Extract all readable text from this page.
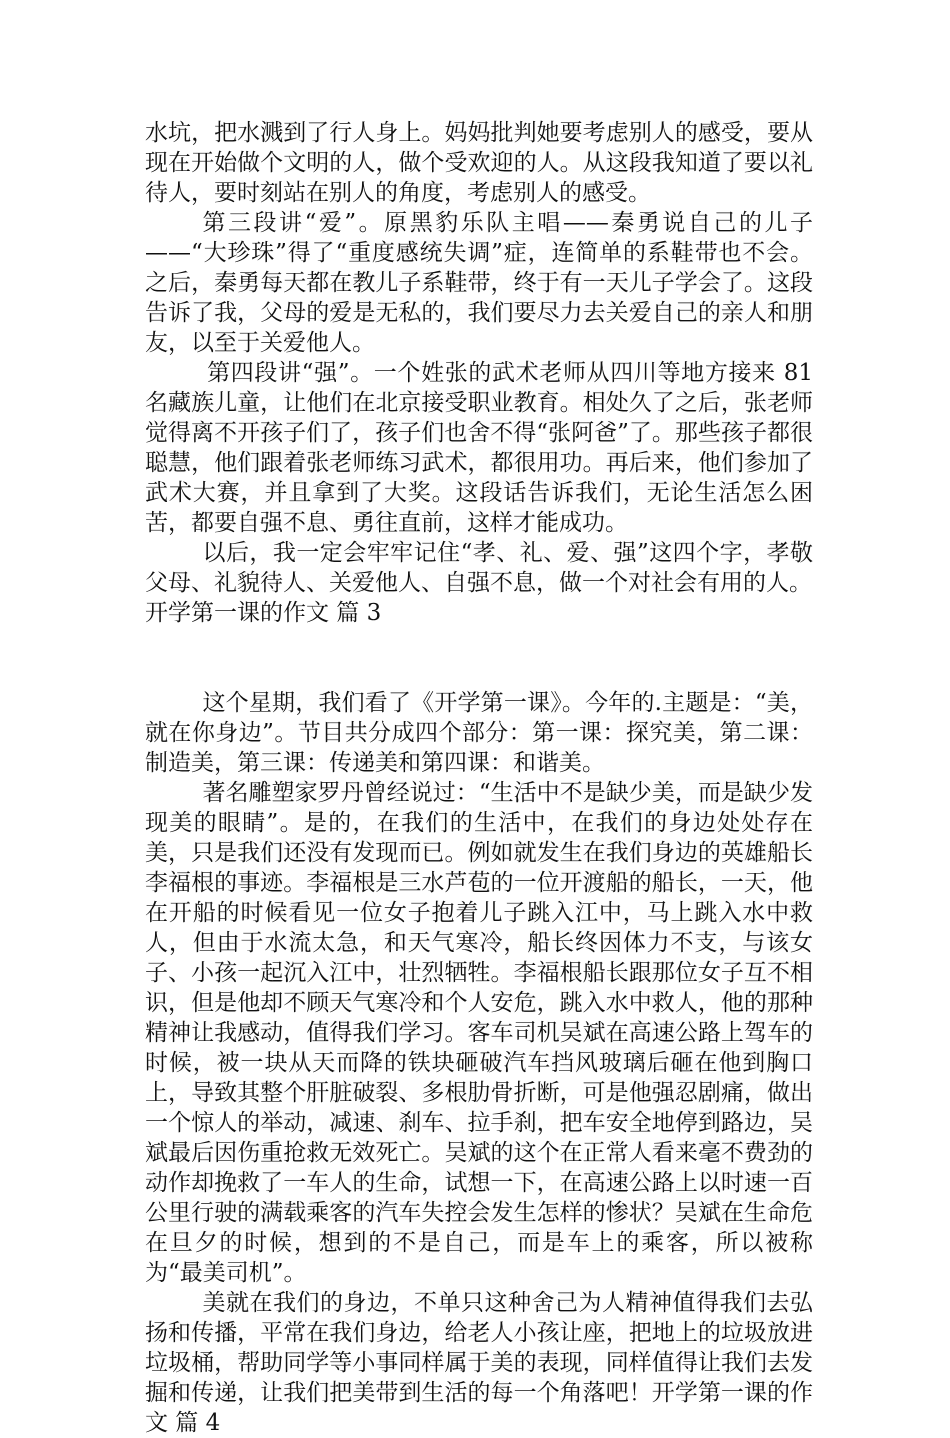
水坑，把水溅到了行人身上。妈妈批判她要考虑别人的感受，要从现在开始做个文明的人，做个受欢迎的人。从这段我知道了要以礼待人，要时刻站在别人的角度，考虑别人的感受。

第三段讲“爱”。原黑豹乐队主唱——秦勇说自己的儿子——“大珍珠”得了“重度感统失调”症，连简单的系鞋带也不会。之后，秦勇每天都在教儿子系鞋带，终于有一天儿子学会了。这段告诉了我，父母的爱是无私的，我们要尽力去关爱自己的亲人和朋友，以至于关爱他人。

第四段讲“强”。一个姓张的武术老师从四川等地方接来 81 名藏族儿童，让他们在北京接受职业教育。相处久了之后，张老师觉得离不开孩子们了，孩子们也舍不得“张阿爸”了。那些孩子都很聪慧，他们跟着张老师练习武术，都很用功。再后来，他们参加了武术大赛，并且拿到了大奖。这段话告诉我们，无论生活怎么困苦，都要自强不息、勇往直前，这样才能成功。

以后，我一定会牢牢记住“孝、礼、爱、强”这四个字，孝敬父母、礼貌待人、关爱他人、自强不息，做一个对社会有用的人。

开学第一课的作文 篇 3

这个星期，我们看了《开学第一课》。今年的.主题是：“美，就在你身边”。节目共分成四个部分：第一课：探究美，第二课：制造美，第三课：传递美和第四课：和谐美。

著名雕塑家罗丹曾经说过：“生活中不是缺少美，而是缺少发现美的眼睛”。是的，在我们的生活中，在我们的身边处处存在美，只是我们还没有发现而已。例如就发生在我们身边的英雄船长李福根的事迹。李福根是三水芦苞的一位开渡船的船长，一天，他在开船的时候看见一位女子抱着儿子跳入江中，马上跳入水中救人，但由于水流太急，和天气寒冷，船长终因体力不支，与该女子、小孩一起沉入江中，壮烈牺牲。李福根船长跟那位女子互不相识，但是他却不顾天气寒冷和个人安危，跳入水中救人，他的那种精神让我感动，值得我们学习。客车司机吴斌在高速公路上驾车的时候，被一块从天而降的铁块砸破汽车挡风玻璃后砸在他到胸口上，导致其整个肝脏破裂、多根肋骨折断，可是他强忍剧痛，做出一个惊人的举动，减速、刹车、拉手刹，把车安全地停到路边，吴斌最后因伤重抢救无效死亡。吴斌的这个在正常人看来毫不费劲的动作却挽救了一车人的生命，试想一下，在高速公路上以时速一百公里行驶的满载乘客的汽车失控会发生怎样的惨状？吴斌在生命危在旦夕的时候，想到的不是自己，而是车上的乘客，所以被称为“最美司机”。

美就在我们的身边，不单只这种舍己为人精神值得我们去弘扬和传播，平常在我们身边，给老人小孩让座，把地上的垃圾放进垃圾桶，帮助同学等小事同样属于美的表现，同样值得让我们去发掘和传递，让我们把美带到生活的每一个角落吧！开学第一课的作文 篇 4
